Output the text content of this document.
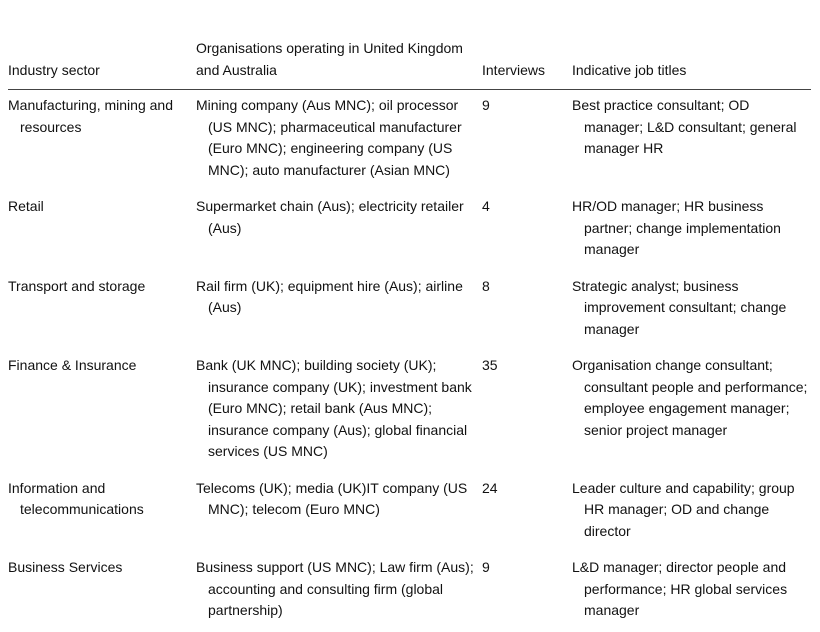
Industry sector	Organisations operating in United Kingdom and Australia	Interviews	Indicative job titles
Manufacturing, mining and resources	Mining company (Aus MNC); oil processor (US MNC); pharmaceutical manufacturer (Euro MNC); engineering company (US MNC); auto manufacturer (Asian MNC)	9	Best practice consultant; OD manager; L&D consultant; general manager HR
Retail	Supermarket chain (Aus); electricity retailer (Aus)	4	HR/OD manager; HR business partner; change implementation manager
Transport and storage	Rail firm (UK); equipment hire (Aus); airline (Aus)	8	Strategic analyst; business improvement consultant; change manager
Finance & Insurance	Bank (UK MNC); building society (UK); insurance company (UK); investment bank (Euro MNC); retail bank (Aus MNC); insurance company (Aus); global financial services (US MNC)	35	Organisation change consultant; consultant people and performance; employee engagement manager; senior project manager
Information and telecommunications	Telecoms (UK); media (UK)IT company (US MNC); telecom (Euro MNC)	24	Leader culture and capability; group HR manager; OD and change director
Business Services	Business support (US MNC); Law firm (Aus); accounting and consulting firm (global partnership)	9	L&D manager; director people and performance; HR global services manager
